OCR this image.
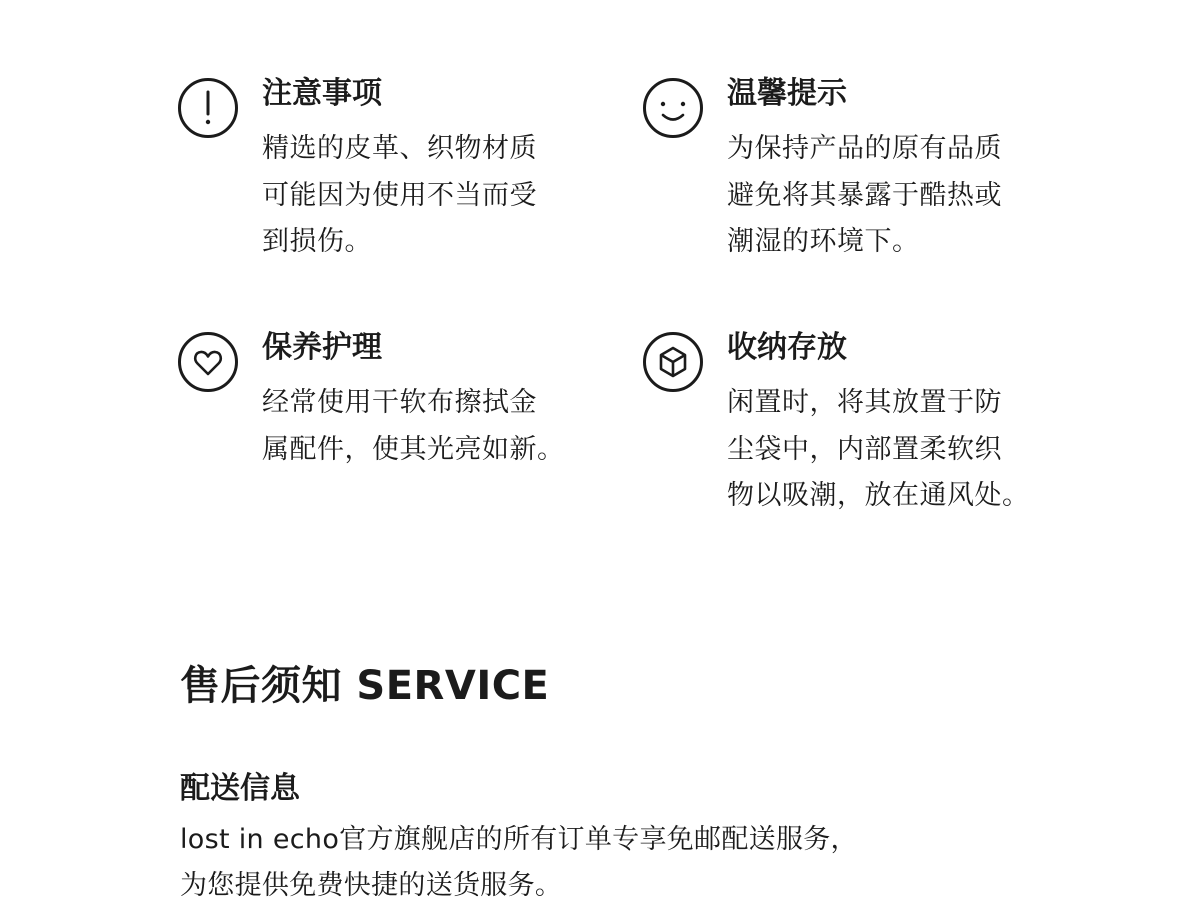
注意事项
精选的皮革、织物材质
可能因为使用不当而受
到损伤。
温馨提示
为保持产品的原有品质
避免将其暴露于酷热或
潮湿的环境下。
保养护理
经常使用干软布擦拭金
属配件，使其光亮如新。
收纳存放
闲置时，将其放置于防
尘袋中，内部置柔软织
物以吸潮，放在通风处。
售后须知 SERVICE
配送信息
lost in echo官方旗舰店的所有订单专享免邮配送服务，
为您提供免费快捷的送货服务。
